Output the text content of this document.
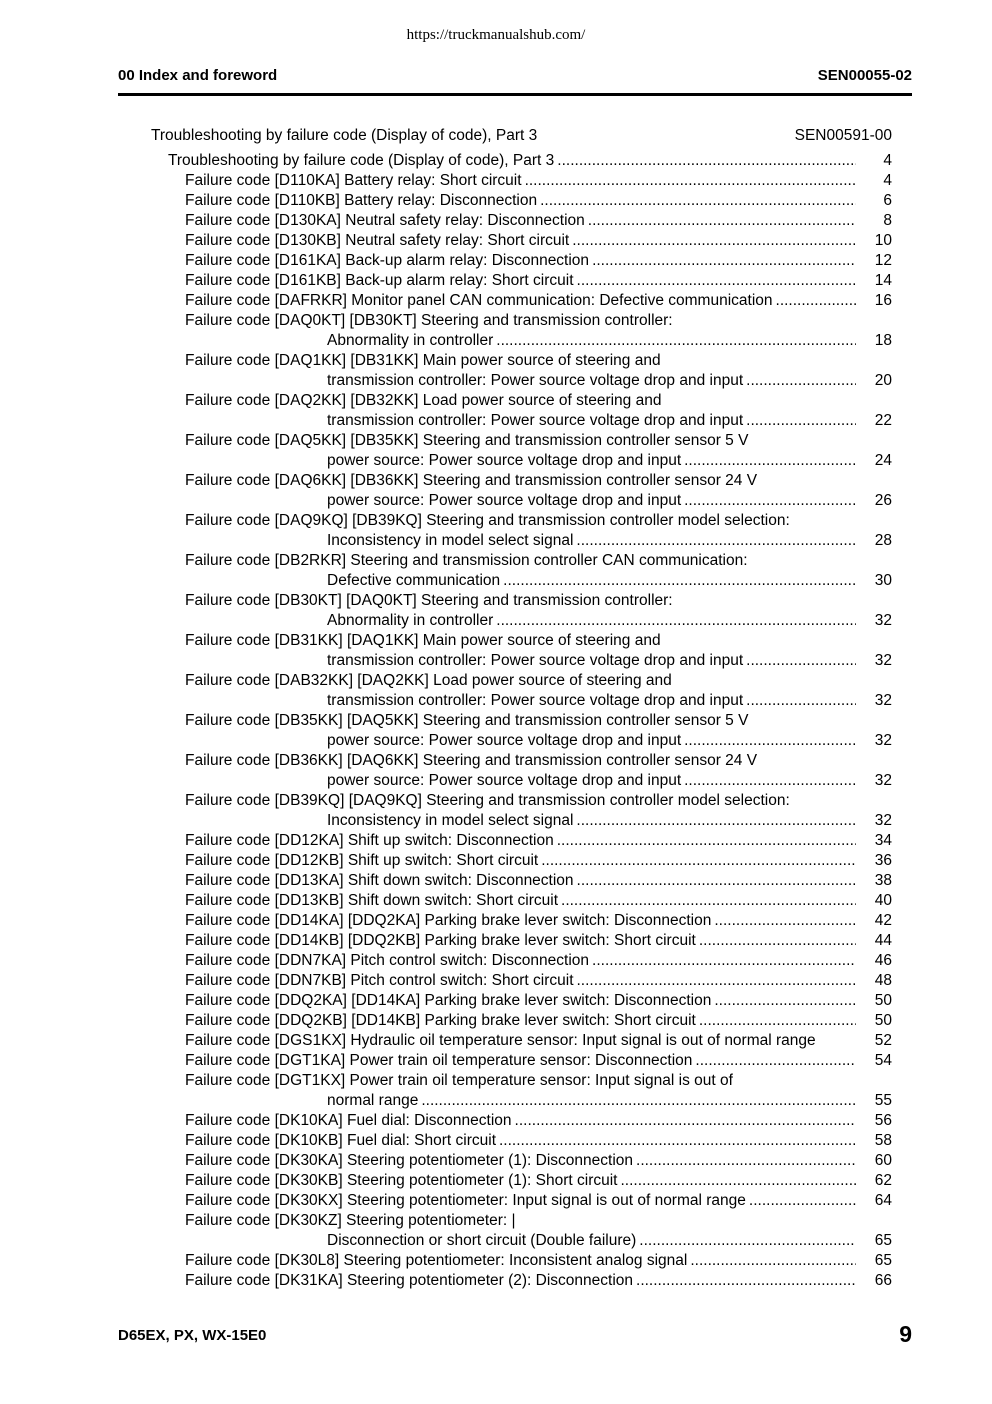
https://truckmanualshub.com/
00 Index and foreword	SEN00055-02
Troubleshooting by failure code (Display of code), Part 3	SEN00591-00
Troubleshooting by failure code (Display of code), Part 3 .....	4
Failure code [D110KA] Battery relay: Short circuit .....	4
Failure code [D110KB] Battery relay: Disconnection .....	6
Failure code [D130KA] Neutral safety relay: Disconnection .....	8
Failure code [D130KB] Neutral safety relay: Short circuit .....	10
Failure code [D161KA] Back-up alarm relay: Disconnection .....	12
Failure code [D161KB] Back-up alarm relay: Short circuit .....	14
Failure code [DAFRKR] Monitor panel CAN communication: Defective communication .....	16
Failure code [DAQ0KT] [DB30KT] Steering and transmission controller:
Abnormality in controller .....	18
Failure code [DAQ1KK] [DB31KK] Main power source of steering and
transmission controller: Power source voltage drop and input .....	20
Failure code [DAQ2KK] [DB32KK] Load power source of steering and
transmission controller: Power source voltage drop and input .....	22
Failure code [DAQ5KK] [DB35KK] Steering and transmission controller sensor 5 V
power source: Power source voltage drop and input .....	24
Failure code [DAQ6KK] [DB36KK] Steering and transmission controller sensor 24 V
power source: Power source voltage drop and input .....	26
Failure code [DAQ9KQ] [DB39KQ] Steering and transmission controller model selection:
Inconsistency in model select signal .....	28
Failure code [DB2RKR] Steering and transmission controller CAN communication:
Defective communication .....	30
Failure code [DB30KT] [DAQ0KT] Steering and transmission controller:
Abnormality in controller .....	32
Failure code [DB31KK] [DAQ1KK] Main power source of steering and
transmission controller: Power source voltage drop and input .....	32
Failure code [DAB32KK] [DAQ2KK] Load power source of steering and
transmission controller: Power source voltage drop and input .....	32
Failure code [DB35KK] [DAQ5KK] Steering and transmission controller sensor 5 V
power source: Power source voltage drop and input .....	32
Failure code [DB36KK] [DAQ6KK] Steering and transmission controller sensor 24 V
power source: Power source voltage drop and input .....	32
Failure code [DB39KQ] [DAQ9KQ] Steering and transmission controller model selection:
Inconsistency in model select signal .....	32
Failure code [DD12KA] Shift up switch: Disconnection .....	34
Failure code [DD12KB] Shift up switch: Short circuit .....	36
Failure code [DD13KA] Shift down switch: Disconnection .....	38
Failure code [DD13KB] Shift down switch: Short circuit .....	40
Failure code [DD14KA] [DDQ2KA] Parking brake lever switch: Disconnection .....	42
Failure code [DD14KB] [DDQ2KB] Parking brake lever switch: Short circuit .....	44
Failure code [DDN7KA] Pitch control switch: Disconnection .....	46
Failure code [DDN7KB] Pitch control switch: Short circuit .....	48
Failure code [DDQ2KA] [DD14KA] Parking brake lever switch: Disconnection .....	50
Failure code [DDQ2KB] [DD14KB] Parking brake lever switch: Short circuit .....	50
Failure code [DGS1KX] Hydraulic oil temperature sensor: Input signal is out of normal range	52
Failure code [DGT1KA] Power train oil temperature sensor: Disconnection .....	54
Failure code [DGT1KX] Power train oil temperature sensor: Input signal is out of
normal range .....	55
Failure code [DK10KA] Fuel dial: Disconnection .....	56
Failure code [DK10KB] Fuel dial: Short circuit .....	58
Failure code [DK30KA] Steering potentiometer (1): Disconnection .....	60
Failure code [DK30KB] Steering potentiometer (1): Short circuit .....	62
Failure code [DK30KX] Steering potentiometer: Input signal is out of normal range .....	64
Failure code [DK30KZ] Steering potentiometer: |
Disconnection or short circuit (Double failure) .....	65
Failure code [DK30L8] Steering potentiometer: Inconsistent analog signal .....	65
Failure code [DK31KA] Steering potentiometer (2): Disconnection .....	66
D65EX, PX, WX-15E0	9
